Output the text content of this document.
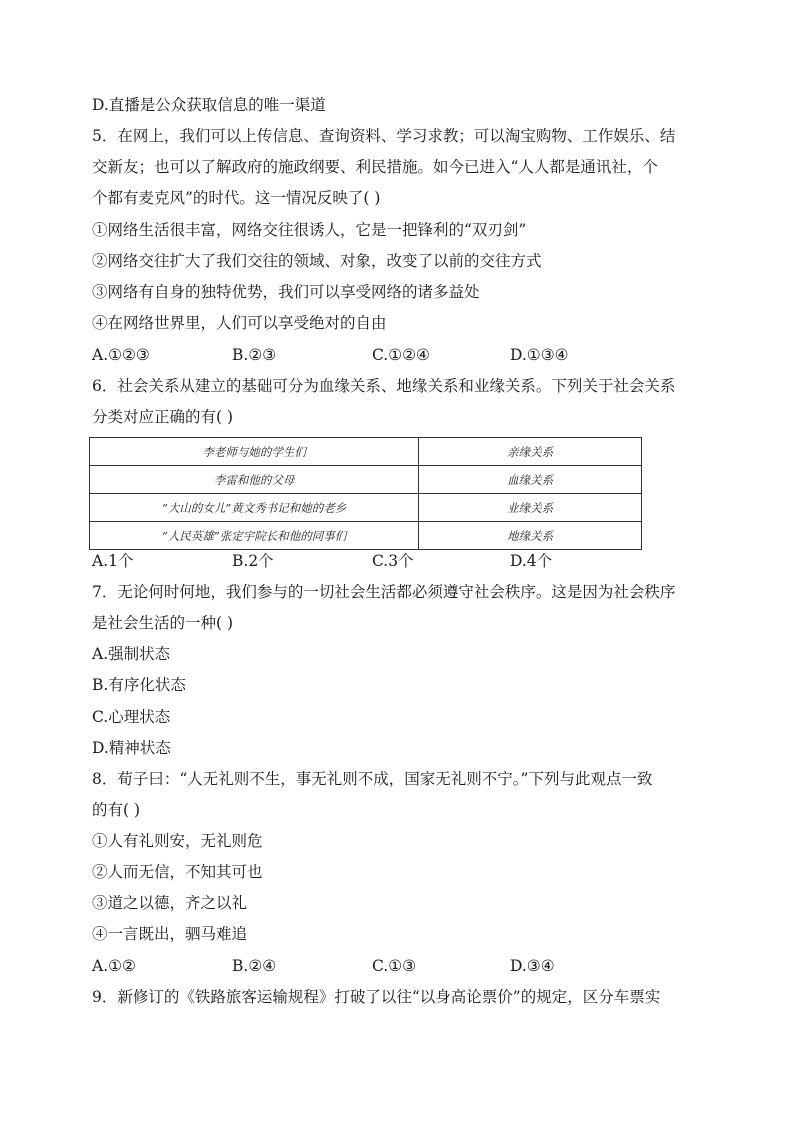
D.直播是公众获取信息的唯一渠道
5．在网上，我们可以上传信息、查询资料、学习求教；可以淘宝购物、工作娱乐、结
交新友；也可以了解政府的施政纲要、利民措施。如今已进入“人人都是通讯社，个
个都有麦克风”的时代。这一情况反映了( )
①网络生活很丰富，网络交往很诱人，它是一把锋利的“双刃剑”
②网络交往扩大了我们交往的领域、对象，改变了以前的交往方式
③网络有自身的独特优势，我们可以享受网络的诸多益处
④在网络世界里，人们可以享受绝对的自由
A.①②③	B.②③	C.①②④	D.①③④
6．社会关系从建立的基础可分为血缘关系、地缘关系和业缘关系。下列关于社会关系
分类对应正确的有( )
李老师与她的学生们	亲缘关系
李雷和他的父母	血缘关系
“大山的女儿”黄文秀书记和她的老乡	业缘关系
“人民英雄”张定宇院长和他的同事们	地缘关系
A.1个	B.2个	C.3个	D.4个
7．无论何时何地，我们参与的一切社会生活都必须遵守社会秩序。这是因为社会秩序
是社会生活的一种( )
A.强制状态
B.有序化状态
C.心理状态
D.精神状态
8．荀子曰：“人无礼则不生，事无礼则不成，国家无礼则不宁。”下列与此观点一致
的有( )
①人有礼则安，无礼则危
②人而无信，不知其可也
③道之以德，齐之以礼
④一言既出，驷马难追
A.①②	B.②④	C.①③	D.③④
9．新修订的《铁路旅客运输规程》打破了以往“以身高论票价”的规定，区分车票实
